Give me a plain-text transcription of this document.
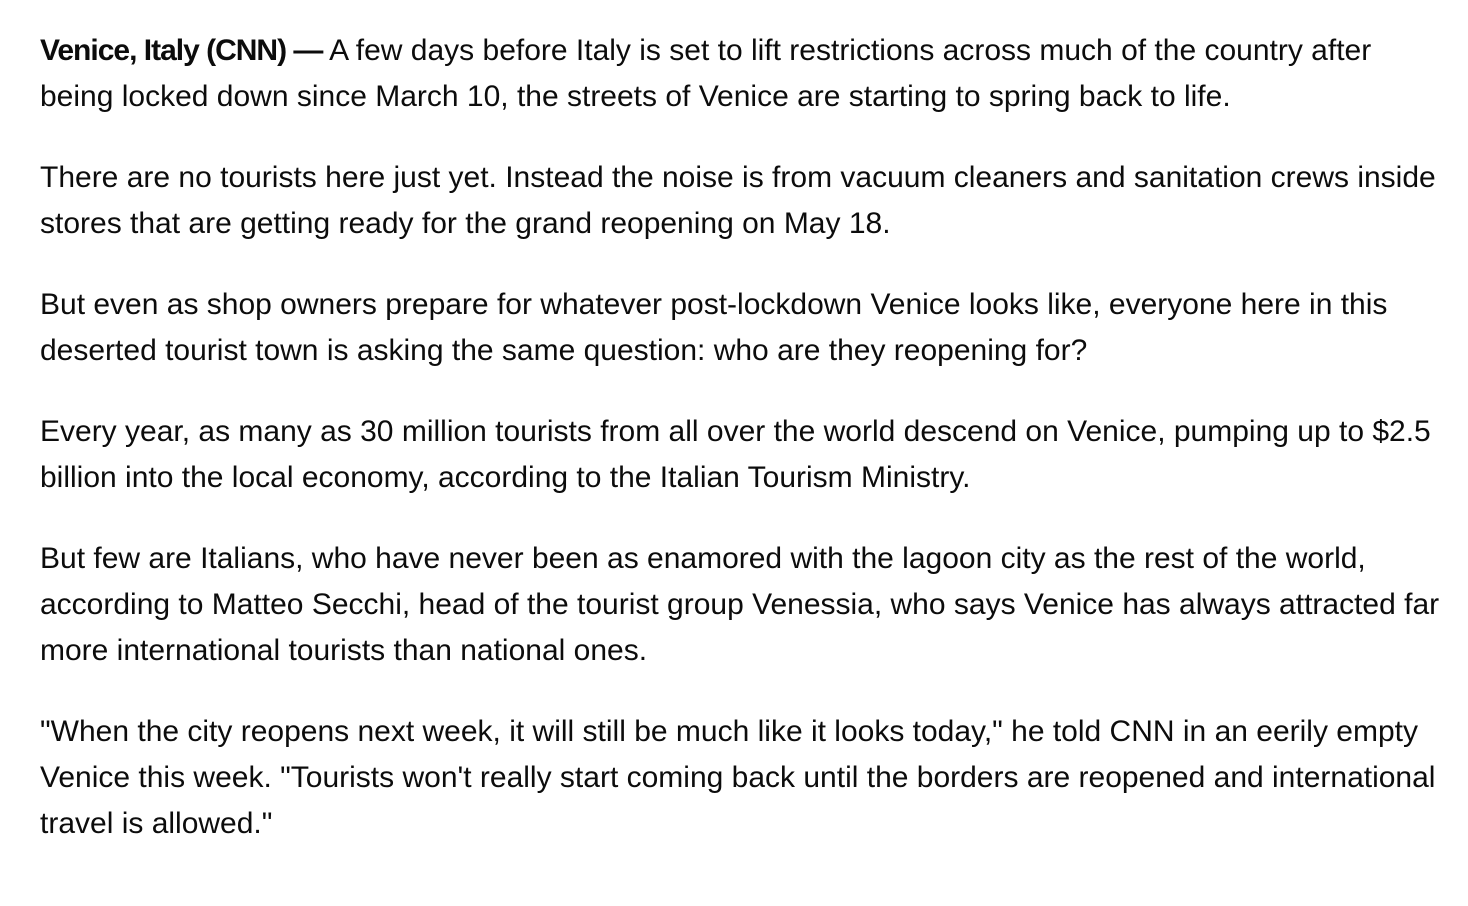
Venice, Italy (CNN) — A few days before Italy is set to lift restrictions across much of the country after being locked down since March 10, the streets of Venice are starting to spring back to life.

There are no tourists here just yet. Instead the noise is from vacuum cleaners and sanitation crews inside stores that are getting ready for the grand reopening on May 18.

But even as shop owners prepare for whatever post-lockdown Venice looks like, everyone here in this deserted tourist town is asking the same question: who are they reopening for?

Every year, as many as 30 million tourists from all over the world descend on Venice, pumping up to $2.5 billion into the local economy, according to the Italian Tourism Ministry.

But few are Italians, who have never been as enamored with the lagoon city as the rest of the world, according to Matteo Secchi, head of the tourist group Venessia, who says Venice has always attracted far more international tourists than national ones.

"When the city reopens next week, it will still be much like it looks today," he told CNN in an eerily empty Venice this week. "Tourists won't really start coming back until the borders are reopened and international travel is allowed."
